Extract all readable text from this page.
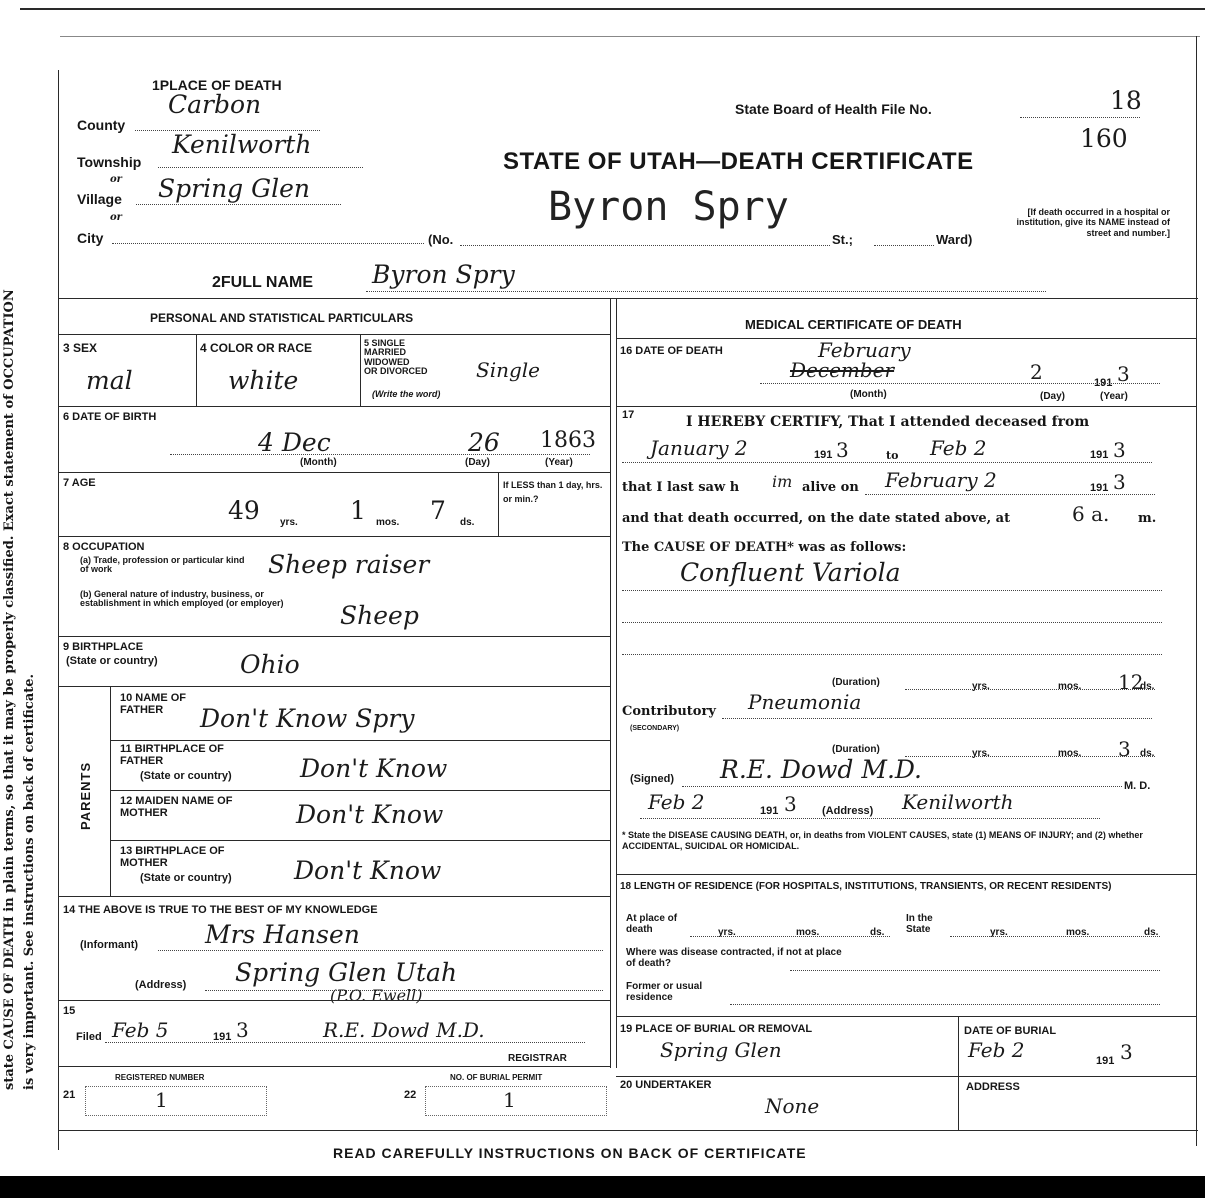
state CAUSE OF DEATH in plain terms, so that it may be properly classified. Exact statement of OCCUPATION is very important. See instructions on back of certificate.
1PLACE OF DEATH
County
Carbon
Township
Kenilworth
or
Village Spring Glen
or
City	(No.	St.;	Ward)
[If death occurred in a hospital or institution, give its NAME instead of street and number.]
State Board of Health File No.	18
160
STATE OF UTAH—DEATH CERTIFICATE
Byron Spry
2FULL NAME Byron Spry
PERSONAL AND STATISTICAL PARTICULARS
3 SEX
mal
4 COLOR OR RACE
white
5 SINGLE
MARRIED
WIDOWED
OR DIVORCED
(Write the word)
Single
6 DATE OF BIRTH
4 Dec	26 1863
(Month)	(Day)	(Year)
7 AGE
49 yrs. 1 mos. 7 ds.
If LESS than 1 day, hrs. or min.?
8 OCCUPATION
(a) Trade, profession or particular kind of work	Sheep raiser
(b) General nature of industry, business, or establishment in which employed (or employer) Sheep
9 BIRTHPLACE
(State or country)	Ohio
PARENTS
10 NAME OF FATHER	Don't Know Spry
11 BIRTHPLACE OF FATHER
(State or country)	Don't Know
12 MAIDEN NAME OF MOTHER	Don't Know
13 BIRTHPLACE OF MOTHER
(State or country) Don't Know
14 THE ABOVE IS TRUE TO THE BEST OF MY KNOWLEDGE
(Informant)	Mrs Hansen
(Address) Spring Glen Utah
(P.O. Ewell)
15
Filed Feb 5	191 3	R.E. Dowd M.D.
REGISTRAR
REGISTERED NUMBER
21	1
NO. OF BURIAL PERMIT
22	1
MEDICAL CERTIFICATE OF DEATH
16 DATE OF DEATH	February
December	2	191 3
(Month)	(Day)	(Year)
17	I HEREBY CERTIFY, That I attended deceased from
January 2	191 3	to Feb 2	191 3
that I last saw h im alive on February 2	191 3
and that death occurred, on the date stated above, at	6 a. m.
The CAUSE OF DEATH* was as follows:
Confluent Variola
(Duration)	yrs.	mos. 12
ds.
Contributory
(SECONDARY)
Pneumonia
(Duration)	yrs.	mos. 3 ds.
(Signed) R.E. Dowd M.D.
M. D.
Feb 2	191 3 (Address) Kenilworth
* State the DISEASE CAUSING DEATH, or, in deaths from VIOLENT CAUSES, state (1) MEANS OF INJURY; and (2) whether ACCIDENTAL, SUICIDAL OR HOMICIDAL.
18 LENGTH OF RESIDENCE (FOR HOSPITALS, INSTITUTIONS, TRANSIENTS, OR RECENT RESIDENTS)
At place of death	yrs.	mos.	ds.
In the State	yrs.	mos.	ds.
Where was disease contracted, if not at place of death?
Former or usual residence
19 PLACE OF BURIAL OR REMOVAL
Spring Glen
DATE OF BURIAL
Feb 2	191 3
20 UNDERTAKER
None
ADDRESS
READ CAREFULLY INSTRUCTIONS ON BACK OF CERTIFICATE
